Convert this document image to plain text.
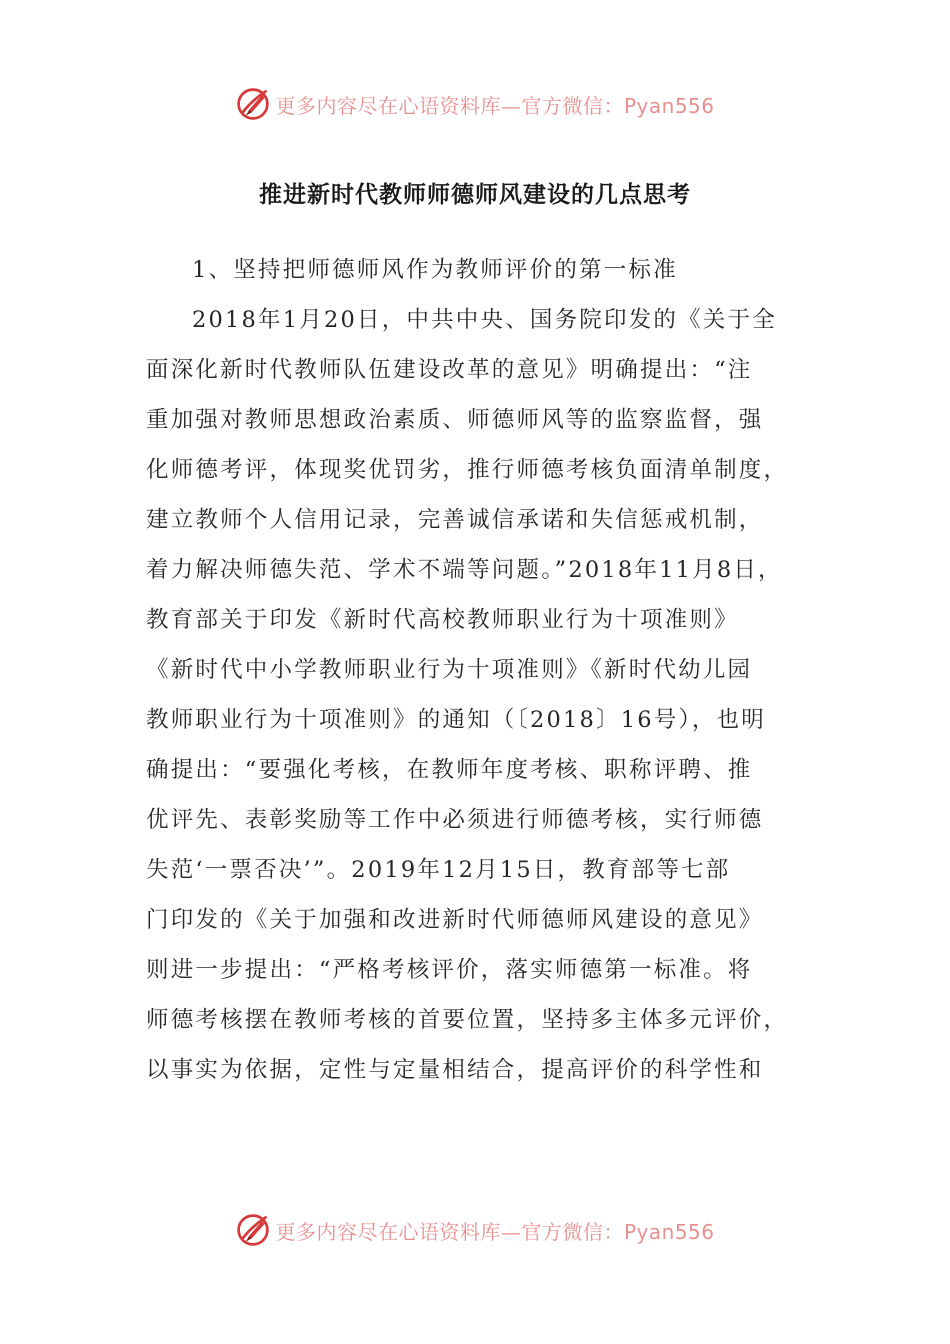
更多内容尽在心语资料库—官方微信：Pyan556
推进新时代教师师德师风建设的几点思考
1、坚持把师德师风作为教师评价的第一标准
2018年1月20日，中共中央、国务院印发的《关于全
面深化新时代教师队伍建设改革的意见》明确提出：“注
重加强对教师思想政治素质、师德师风等的监察监督，强
化师德考评，体现奖优罚劣，推行师德考核负面清单制度，
建立教师个人信用记录，完善诚信承诺和失信惩戒机制，
着力解决师德失范、学术不端等问题。”2018年11月8日，
教育部关于印发《新时代高校教师职业行为十项准则》
《新时代中小学教师职业行为十项准则》《新时代幼儿园
教师职业行为十项准则》的通知（〔2018〕16号），也明
确提出：“要强化考核，在教师年度考核、职称评聘、推
优评先、表彰奖励等工作中必须进行师德考核，实行师德
失范‘一票否决’”。2019年12月15日，教育部等七部
门印发的《关于加强和改进新时代师德师风建设的意见》
则进一步提出：“严格考核评价，落实师德第一标准。将
师德考核摆在教师考核的首要位置，坚持多主体多元评价，
以事实为依据，定性与定量相结合，提高评价的科学性和
更多内容尽在心语资料库—官方微信：Pyan556
